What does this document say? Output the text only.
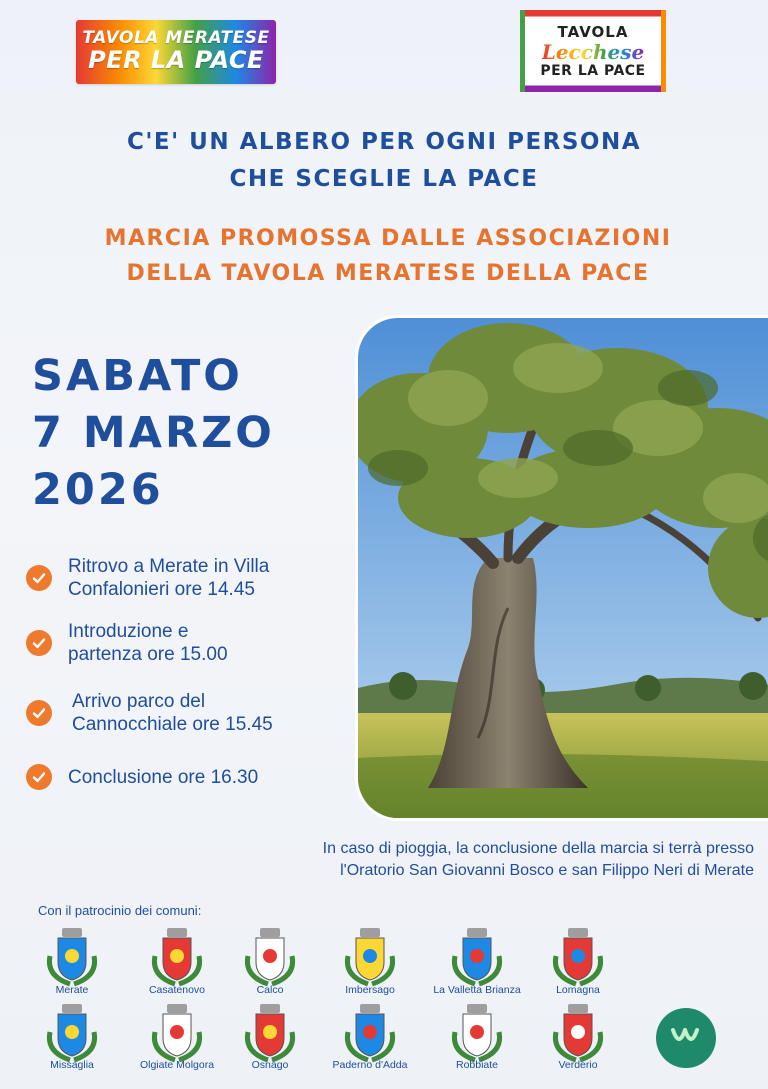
TAVOLA MERATESE
PER LA PACE
TAVOLA
Lecchese
PER LA PACE
C'E' UN ALBERO PER OGNI PERSONA
CHE SCEGLIE LA PACE
MARCIA PROMOSSA DALLE ASSOCIAZIONI
DELLA TAVOLA MERATESE DELLA PACE
SABATO
7 MARZO
2026
Ritrovo a Merate in Villa
Confalonieri ore 14.45
Introduzione e
partenza ore 15.00
Arrivo parco del
Cannocchiale ore 15.45
Conclusione ore 16.30
In caso di pioggia, la conclusione della marcia si terrà presso
l'Oratorio San Giovanni Bosco e san Filippo Neri di Merate
Con il patrocinio dei comuni:
Merate	Casatenovo	Calco	Imbersago	La Valletta Brianza	Lomagna
Missaglia	Olgiate Molgora	Osnago	Paderno d'Adda	Robbiate	Verderio
